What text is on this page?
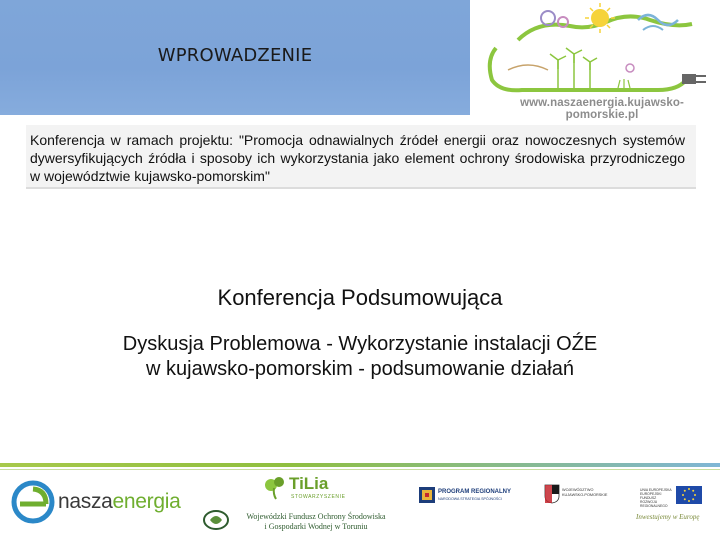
WPROWADZENIE
www.naszaenergia.kujawsko-pomorskie.pl
Konferencja w ramach projektu: "Promocja odnawialnych źródeł energii oraz nowoczesnych systemów dywersyfikujących źródła i sposoby ich wykorzystania jako element ochrony środowiska przyrodniczego w województwie kujawsko-pomorskim"
Konferencja Podsumowująca
Dyskusja Problemowa - Wykorzystanie instalacji OŹE
w kujawsko-pomorskim - podsumowanie działań
naszaenergia
TiLia
STOWARZYSZENIE
Wojewódzki Fundusz Ochrony Środowiska
i Gospodarki Wodnej w Toruniu
PROGRAM REGIONALNY
NARODOWA STRATEGIA SPÓJNOŚCI
WOJEWÓDZTWO KUJAWSKO-POMORSKIE
UNIA EUROPEJSKA EUROPEJSKI FUNDUSZ ROZWOJU REGIONALNEGO
Inwestujemy w Europę
